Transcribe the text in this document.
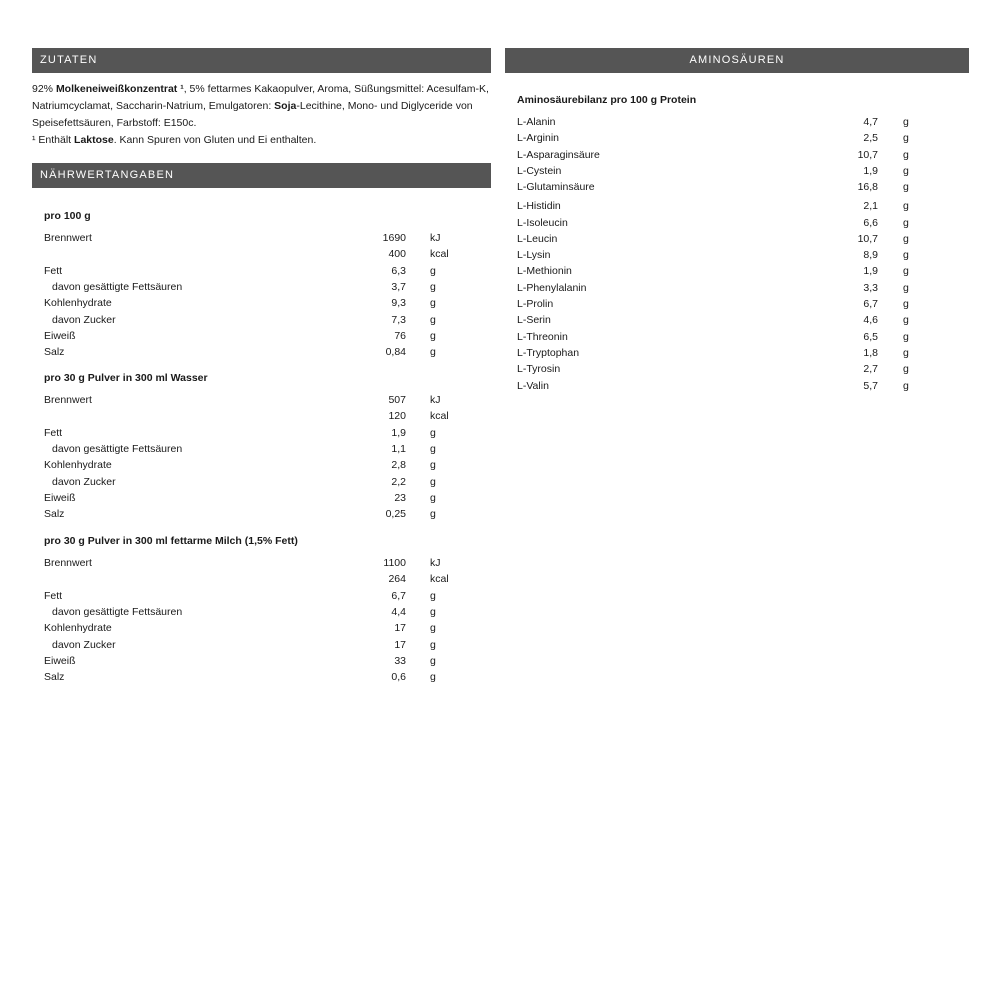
ZUTATEN
NÄHRWERTANGABEN
AMINOSÄUREN

92% Molkeneiweißkonzentrat ¹, 5% fettarmes Kakaopulver, Aroma, Süßungsmittel: Acesulfam-K, Natriumcyclamat, Saccharin-Natrium, Emulgatoren: Soja-Lecithine, Mono- und Diglyceride von Speisefettsäuren, Farbstoff: E150c.

¹ Enthält Laktose. Kann Spuren von Gluten und Ei enthalten.

pro 100 g
Brennwert	1690 kJ
400 kcal
Fett	6,3 g
davon gesättigte Fettsäuren	3,7 g
Kohlenhydrate	9,3 g
davon Zucker	7,3 g
Eiweiß	76 g
Salz	0,84 g
pro 30 g Pulver in 300 ml Wasser
Brennwert	507 kJ
120 kcal
Fett	1,9 g
davon gesättigte Fettsäuren	1,1 g
Kohlenhydrate	2,8 g
davon Zucker	2,2 g
Eiweiß	23 g
Salz	0,25 g
pro 30 g Pulver in 300 ml fettarme Milch (1,5% Fett)
Brennwert	1100 kJ
264 kcal
Fett	6,7 g
davon gesättigte Fettsäuren	4,4 g
Kohlenhydrate	17 g
davon Zucker	17 g
Eiweiß	33 g
Salz	0,6 g
Aminosäurebilanz pro 100 g Protein
L-Alanin	4,7 g
L-Arginin	2,5 g
L-Asparaginsäure	10,7 g
L-Cystein	1,9 g
L-Glutaminsäure	16,8 g
L-Histidin	2,1 g
L-Isoleucin	6,6 g
L-Leucin	10,7 g
L-Lysin	8,9 g
L-Methionin	1,9 g
L-Phenylalanin	3,3 g
L-Prolin	6,7 g
L-Serin	4,6 g
L-Threonin	6,5 g
L-Tryptophan	1,8 g
L-Tyrosin	2,7 g
L-Valin	5,7 g
